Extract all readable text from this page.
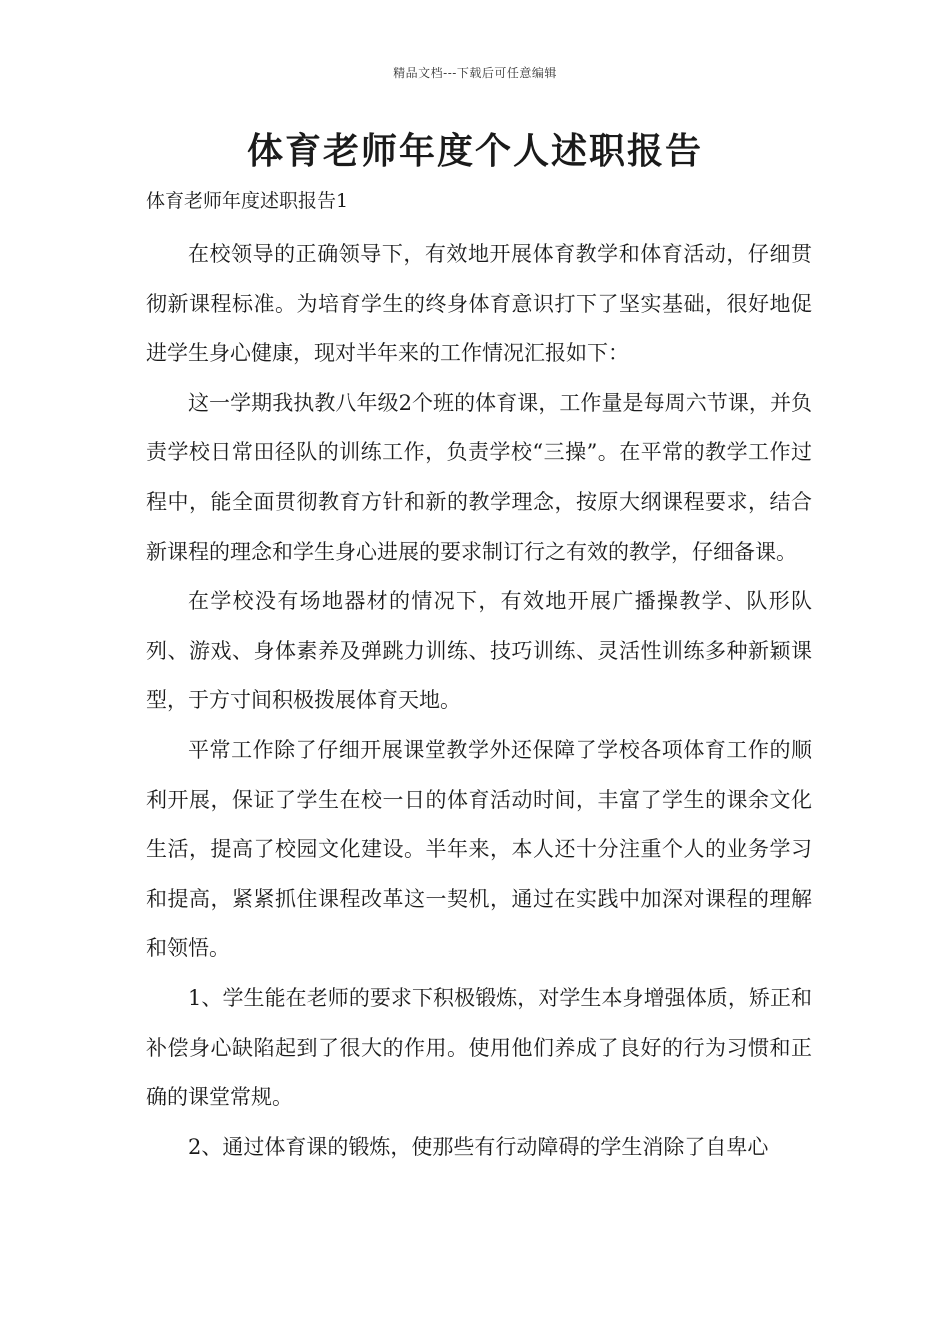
精品文档---下载后可任意编辑
体育老师年度个人述职报告

体育老师年度述职报告1

在校领导的正确领导下，有效地开展体育教学和体育活动，仔细贯彻新课程标准。为培育学生的终身体育意识打下了坚实基础，很好地促进学生身心健康，现对半年来的工作情况汇报如下：

这一学期我执教八年级2个班的体育课，工作量是每周六节课，并负责学校日常田径队的训练工作，负责学校“三操”。在平常的教学工作过程中，能全面贯彻教育方针和新的教学理念，按原大纲课程要求，结合新课程的理念和学生身心进展的要求制订行之有效的教学，仔细备课。

在学校没有场地器材的情况下，有效地开展广播操教学、队形队列、游戏、身体素养及弹跳力训练、技巧训练、灵活性训练多种新颖课型，于方寸间积极拨展体育天地。

平常工作除了仔细开展课堂教学外还保障了学校各项体育工作的顺利开展，保证了学生在校一日的体育活动时间，丰富了学生的课余文化生活，提高了校园文化建设。半年来，本人还十分注重个人的业务学习和提高，紧紧抓住课程改革这一契机，通过在实践中加深对课程的理解和领悟。

1、学生能在老师的要求下积极锻炼，对学生本身增强体质，矫正和补偿身心缺陷起到了很大的作用。使用他们养成了良好的行为习惯和正确的课堂常规。

2、通过体育课的锻炼，使那些有行动障碍的学生消除了自卑心
